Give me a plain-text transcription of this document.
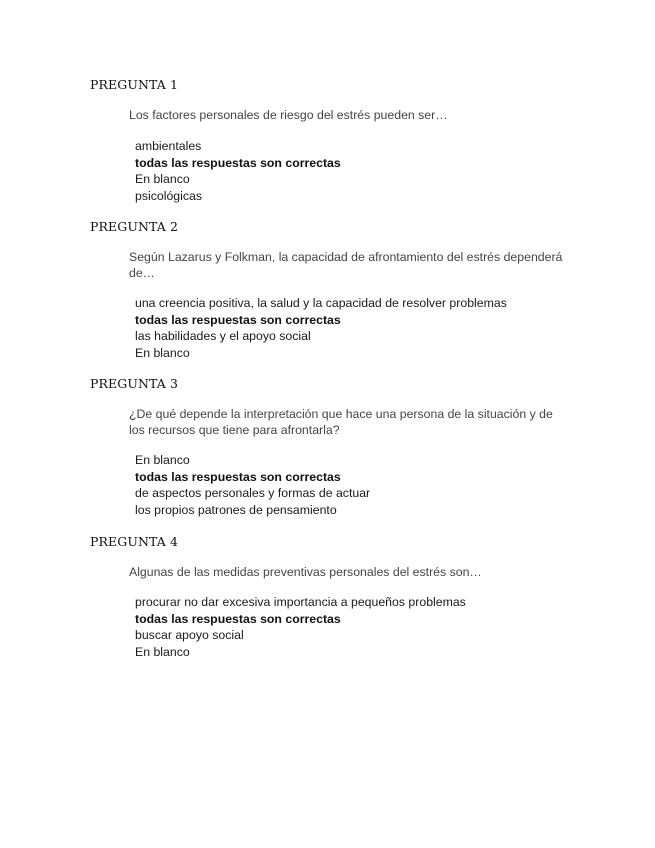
PREGUNTA 1
Los factores personales de riesgo del estrés pueden ser…
ambientales
todas las respuestas son correctas
En blanco
psicológicas
PREGUNTA 2
Según Lazarus y Folkman, la capacidad de afrontamiento del estrés dependerá de…
una creencia positiva, la salud y la capacidad de resolver problemas
todas las respuestas son correctas
las habilidades y el apoyo social
En blanco
PREGUNTA 3
¿De qué depende la interpretación que hace una persona de la situación y de los recursos que tiene para afrontarla?
En blanco
todas las respuestas son correctas
de aspectos personales y formas de actuar
los propios patrones de pensamiento
PREGUNTA 4
Algunas de las medidas preventivas personales del estrés son…
procurar no dar excesiva importancia a pequeños problemas
todas las respuestas son correctas
buscar apoyo social
En blanco
